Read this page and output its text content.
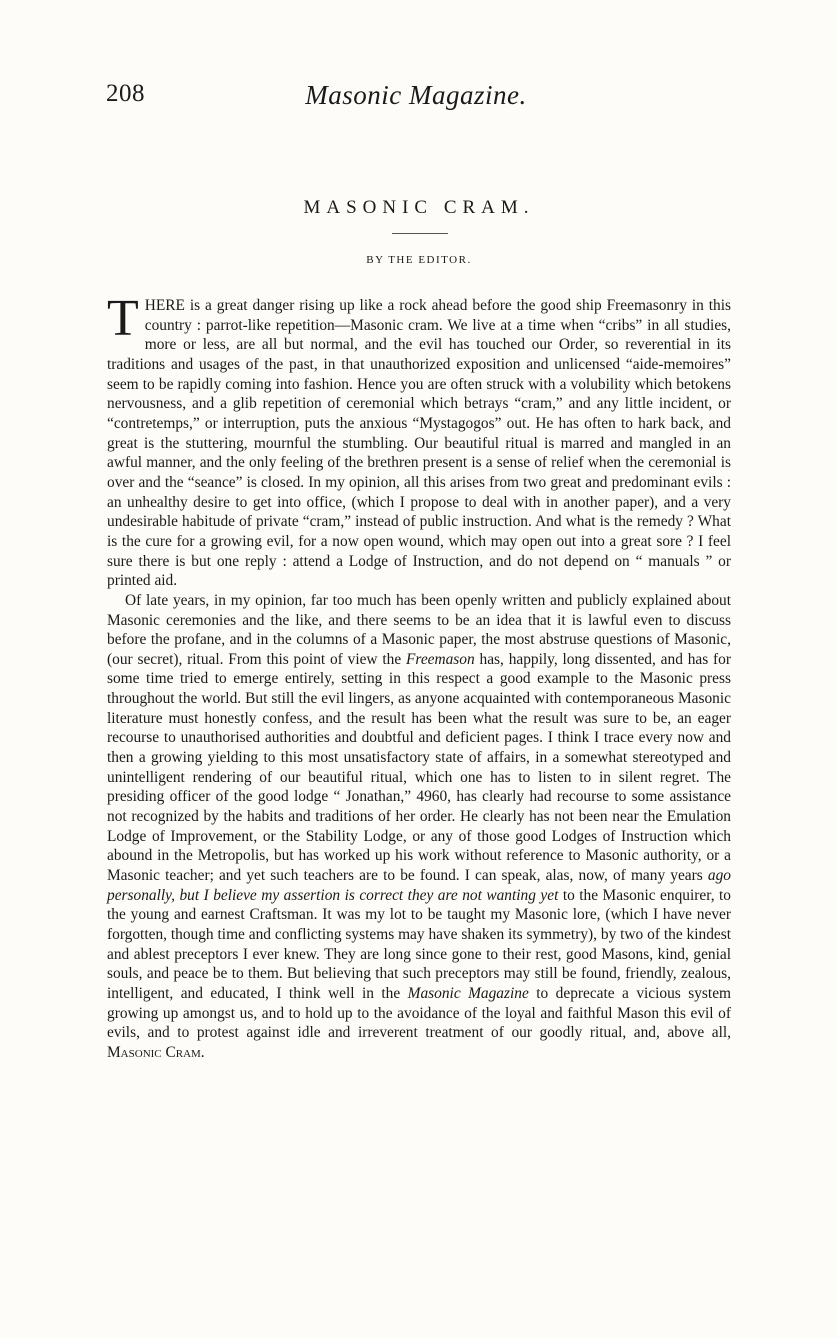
208	Masonic Magazine.
MASONIC CRAM.
BY THE EDITOR.

THERE is a great danger rising up like a rock ahead before the good ship Freemasonry in this country : parrot-like repetition—Masonic cram. We live at a time when “cribs” in all studies, more or less, are all but normal, and the evil has touched our Order, so reverential in its traditions and usages of the past, in that unauthorized exposition and unlicensed “aide-memoires” seem to be rapidly coming into fashion. Hence you are often struck with a volubility which betokens nervousness, and a glib repetition of ceremonial which betrays “cram,” and any little incident, or “contretemps,” or interruption, puts the anxious “Mystagogos” out. He has often to hark back, and great is the stuttering, mournful the stumbling. Our beautiful ritual is marred and mangled in an awful manner, and the only feeling of the brethren present is a sense of relief when the ceremonial is over and the “seance” is closed. In my opinion, all this arises from two great and predominant evils : an unhealthy desire to get into office, (which I propose to deal with in another paper), and a very undesirable habitude of private “cram,” instead of public instruction. And what is the remedy ? What is the cure for a growing evil, for a now open wound, which may open out into a great sore ? I feel sure there is but one reply : attend a Lodge of Instruction, and do not depend on “ manuals ” or printed aid.

Of late years, in my opinion, far too much has been openly written and publicly explained about Masonic ceremonies and the like, and there seems to be an idea that it is lawful even to discuss before the profane, and in the columns of a Masonic paper, the most abstruse questions of Masonic, (our secret), ritual. From this point of view the Freemason has, happily, long dissented, and has for some time tried to emerge entirely, setting in this respect a good example to the Masonic press throughout the world. But still the evil lingers, as anyone acquainted with contemporaneous Masonic literature must honestly confess, and the result has been what the result was sure to be, an eager recourse to unauthorised authorities and doubtful and deficient pages. I think I trace every now and then a growing yielding to this most unsatisfactory state of affairs, in a somewhat stereotyped and unintelligent rendering of our beautiful ritual, which one has to listen to in silent regret. The presiding officer of the good lodge “ Jonathan,” 4960, has clearly had recourse to some assistance not recognized by the habits and traditions of her order. He clearly has not been near the Emulation Lodge of Improvement, or the Stability Lodge, or any of those good Lodges of Instruction which abound in the Metropolis, but has worked up his work without reference to Masonic authority, or a Masonic teacher; and yet such teachers are to be found. I can speak, alas, now, of many years ago personally, but I believe my assertion is correct they are not wanting yet to the Masonic enquirer, to the young and earnest Craftsman. It was my lot to be taught my Masonic lore, (which I have never forgotten, though time and conflicting systems may have shaken its symmetry), by two of the kindest and ablest preceptors I ever knew. They are long since gone to their rest, good Masons, kind, genial souls, and peace be to them. But believing that such preceptors may still be found, friendly, zealous, intelligent, and educated, I think well in the Masonic Magazine to deprecate a vicious system growing up amongst us, and to hold up to the avoidance of the loyal and faithful Mason this evil of evils, and to protest against idle and irreverent treatment of our goodly ritual, and, above all, Masonic Cram.
